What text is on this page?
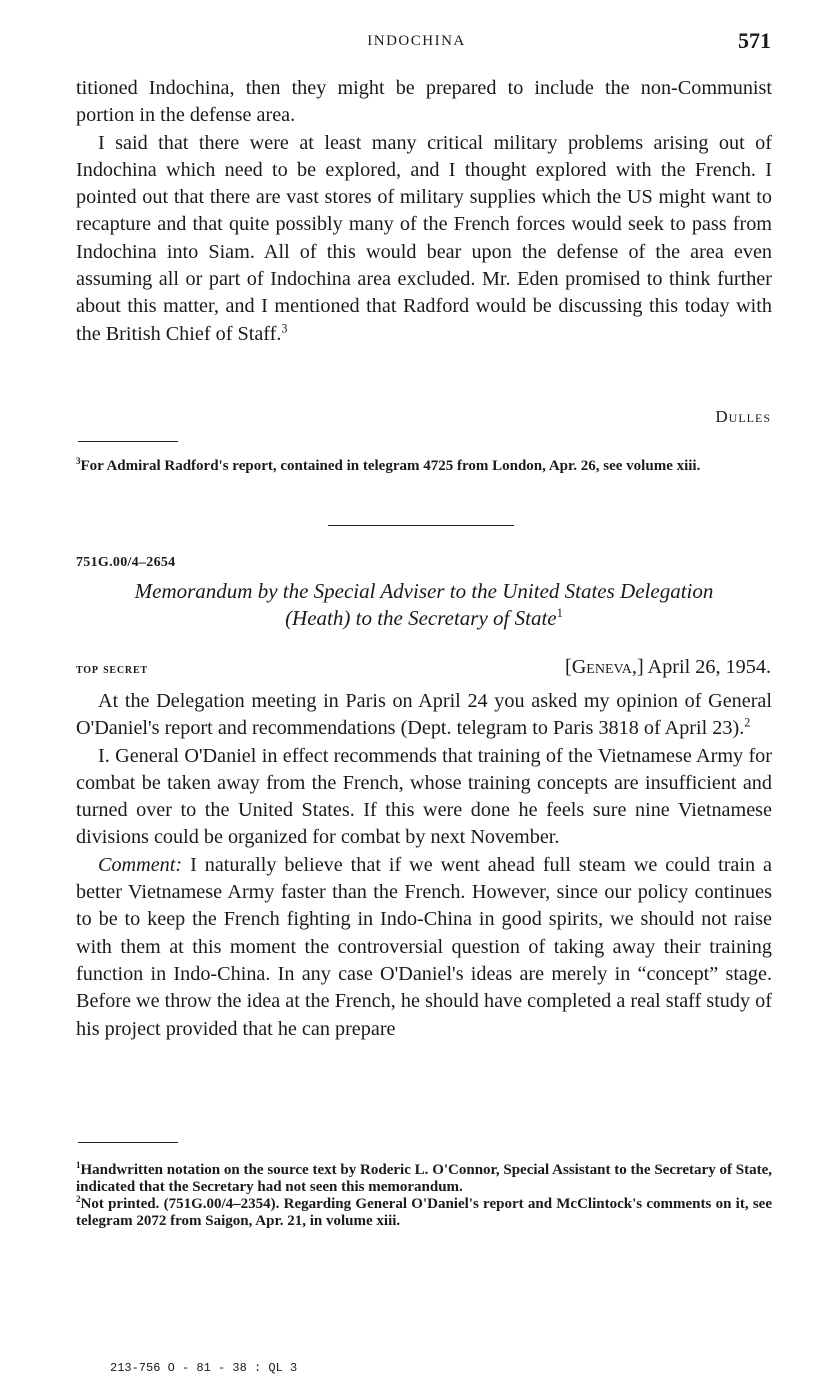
INDOCHINA	571

titioned Indochina, then they might be prepared to include the non-Communist portion in the defense area.

I said that there were at least many critical military problems arising out of Indochina which need to be explored, and I thought explored with the French. I pointed out that there are vast stores of military supplies which the US might want to recapture and that quite possibly many of the French forces would seek to pass from Indochina into Siam. All of this would bear upon the defense of the area even assuming all or part of Indochina area excluded. Mr. Eden promised to think further about this matter, and I mentioned that Radford would be discussing this today with the British Chief of Staff.$^3$

Dulles

$^3$For Admiral Radford's report, contained in telegram 4725 from London, Apr. 26, see volume xiii.

751G.00/4–2654
Memorandum by the Special Adviser to the United States Delegation
(Heath) to the Secretary of State$^1$
top secret	[Geneva,] April 26, 1954.

At the Delegation meeting in Paris on April 24 you asked my opinion of General O'Daniel's report and recommendations (Dept. telegram to Paris 3818 of April 23).$^2$

I. General O'Daniel in effect recommends that training of the Vietnamese Army for combat be taken away from the French, whose training concepts are insufficient and turned over to the United States. If this were done he feels sure nine Vietnamese divisions could be organized for combat by next November.

Comment: I naturally believe that if we went ahead full steam we could train a better Vietnamese Army faster than the French. However, since our policy continues to be to keep the French fighting in Indo-China in good spirits, we should not raise with them at this moment the controversial question of taking away their training function in Indo-China. In any case O'Daniel's ideas are merely in “concept” stage. Before we throw the idea at the French, he should have completed a real staff study of his project provided that he can prepare

$^1$Handwritten notation on the source text by Roderic L. O'Connor, Special Assistant to the Secretary of State, indicated that the Secretary had not seen this memorandum.

$^2$Not printed. (751G.00/4–2354). Regarding General O'Daniel's report and McClintock's comments on it, see telegram 2072 from Saigon, Apr. 21, in volume xiii.

213-756 O - 81 - 38 : QL 3
